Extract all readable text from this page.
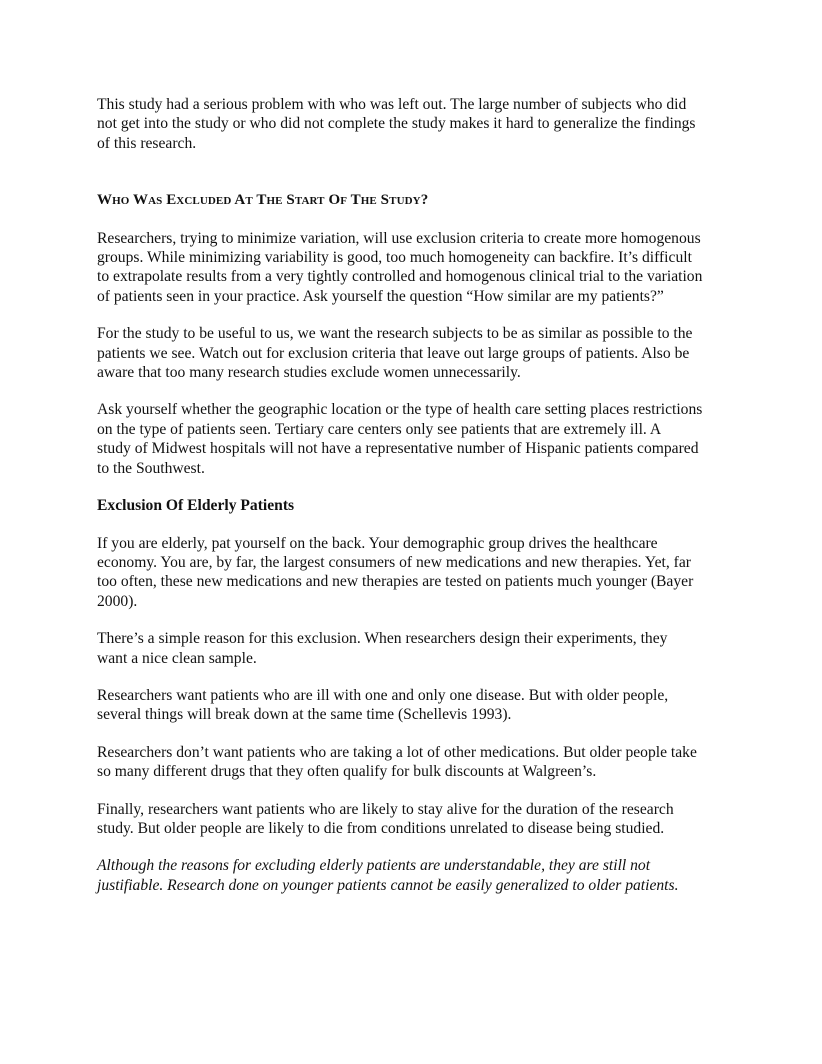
This study had a serious problem with who was left out. The large number of subjects who did
not get into the study or who did not complete the study makes it hard to generalize the findings
of this research.

Who Was Excluded At The Start Of The Study?

Researchers, trying to minimize variation, will use exclusion criteria to create more homogenous
groups. While minimizing variability is good, too much homogeneity can backfire. It’s difficult
to extrapolate results from a very tightly controlled and homogenous clinical trial to the variation
of patients seen in your practice. Ask yourself the question “How similar are my patients?”

For the study to be useful to us, we want the research subjects to be as similar as possible to the
patients we see. Watch out for exclusion criteria that leave out large groups of patients. Also be
aware that too many research studies exclude women unnecessarily.

Ask yourself whether the geographic location or the type of health care setting places restrictions
on the type of patients seen. Tertiary care centers only see patients that are extremely ill. A
study of Midwest hospitals will not have a representative number of Hispanic patients compared
to the Southwest.

Exclusion Of Elderly Patients

If you are elderly, pat yourself on the back. Your demographic group drives the healthcare
economy. You are, by far, the largest consumers of new medications and new therapies. Yet, far
too often, these new medications and new therapies are tested on patients much younger (Bayer
2000).

There’s a simple reason for this exclusion. When researchers design their experiments, they
want a nice clean sample.

Researchers want patients who are ill with one and only one disease. But with older people,
several things will break down at the same time (Schellevis 1993).

Researchers don’t want patients who are taking a lot of other medications. But older people take
so many different drugs that they often qualify for bulk discounts at Walgreen’s.

Finally, researchers want patients who are likely to stay alive for the duration of the research
study. But older people are likely to die from conditions unrelated to disease being studied.

Although the reasons for excluding elderly patients are understandable, they are still not
justifiable. Research done on younger patients cannot be easily generalized to older patients.
